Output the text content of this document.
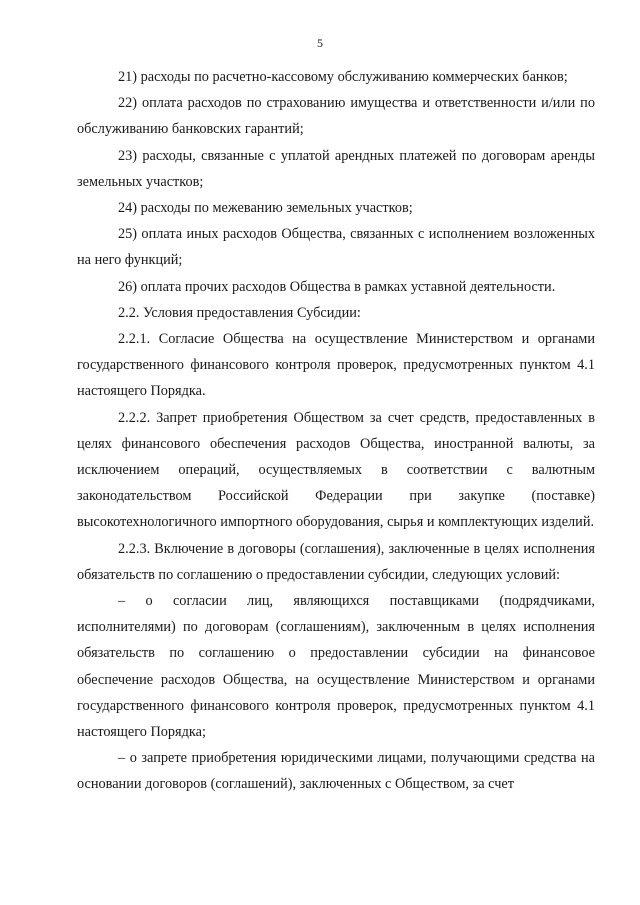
5

21) расходы по расчетно-кассовому обслуживанию коммерческих банков;

22) оплата расходов по страхованию имущества и ответственности и/или по обслуживанию банковских гарантий;

23) расходы, связанные с уплатой арендных платежей по договорам аренды земельных участков;

24) расходы по межеванию земельных участков;

25) оплата иных расходов Общества, связанных с исполнением возложенных на него функций;

26) оплата прочих расходов Общества в рамках уставной деятельности.

2.2. Условия предоставления Субсидии:

2.2.1. Согласие Общества на осуществление Министерством и органами государственного финансового контроля проверок, предусмотренных пунктом 4.1 настоящего Порядка.

2.2.2. Запрет приобретения Обществом за счет средств, предоставленных в целях финансового обеспечения расходов Общества, иностранной валюты, за исключением операций, осуществляемых в соответствии с валютным законодательством Российской Федерации при закупке (поставке) высокотехнологичного импортного оборудования, сырья и комплектующих изделий.

2.2.3. Включение в договоры (соглашения), заключенные в целях исполнения обязательств по соглашению о предоставлении субсидии, следующих условий:

– о согласии лиц, являющихся поставщиками (подрядчиками, исполнителями) по договорам (соглашениям), заключенным в целях исполнения обязательств по соглашению о предоставлении субсидии на финансовое обеспечение расходов Общества, на осуществление Министерством и органами государственного финансового контроля проверок, предусмотренных пунктом 4.1 настоящего Порядка;

– о запрете приобретения юридическими лицами, получающими средства на основании договоров (соглашений), заключенных с Обществом, за счет
